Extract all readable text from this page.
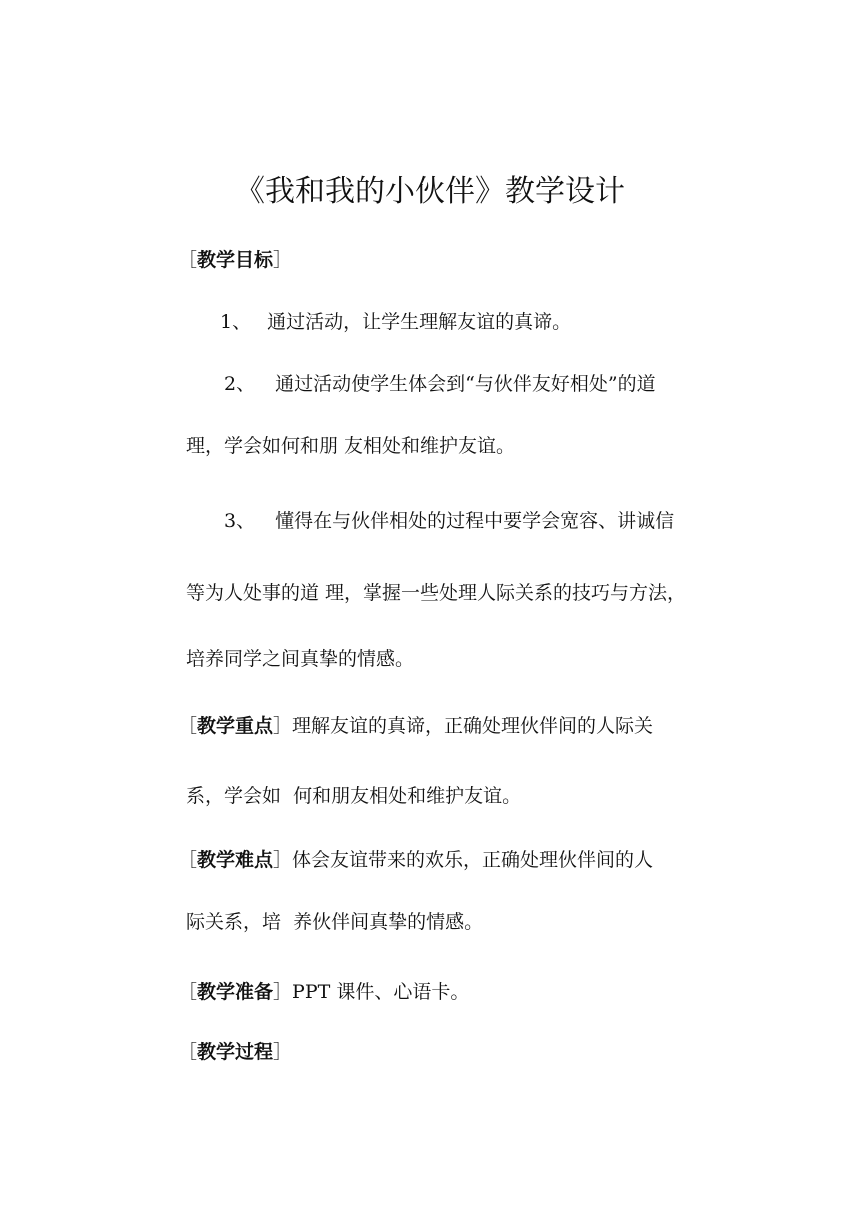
《我和我的小伙伴》教学设计
［教学目标］
1、 通过活动，让学生理解友谊的真谛。
2、 通过活动使学生体会到“与伙伴友好相处”的道
理，学会如何和朋 友相处和维护友谊。
3、 懂得在与伙伴相处的过程中要学会宽容、讲诚信
等为人处事的道 理，掌握一些处理人际关系的技巧与方法，
培养同学之间真挚的情感。
［教学重点］理解友谊的真谛，正确处理伙伴间的人际关
系，学会如  何和朋友相处和维护友谊。
［教学难点］体会友谊带来的欢乐，正确处理伙伴间的人
际关系，培  养伙伴间真挚的情感。
［教学准备］PPT 课件、心语卡。
［教学过程］
